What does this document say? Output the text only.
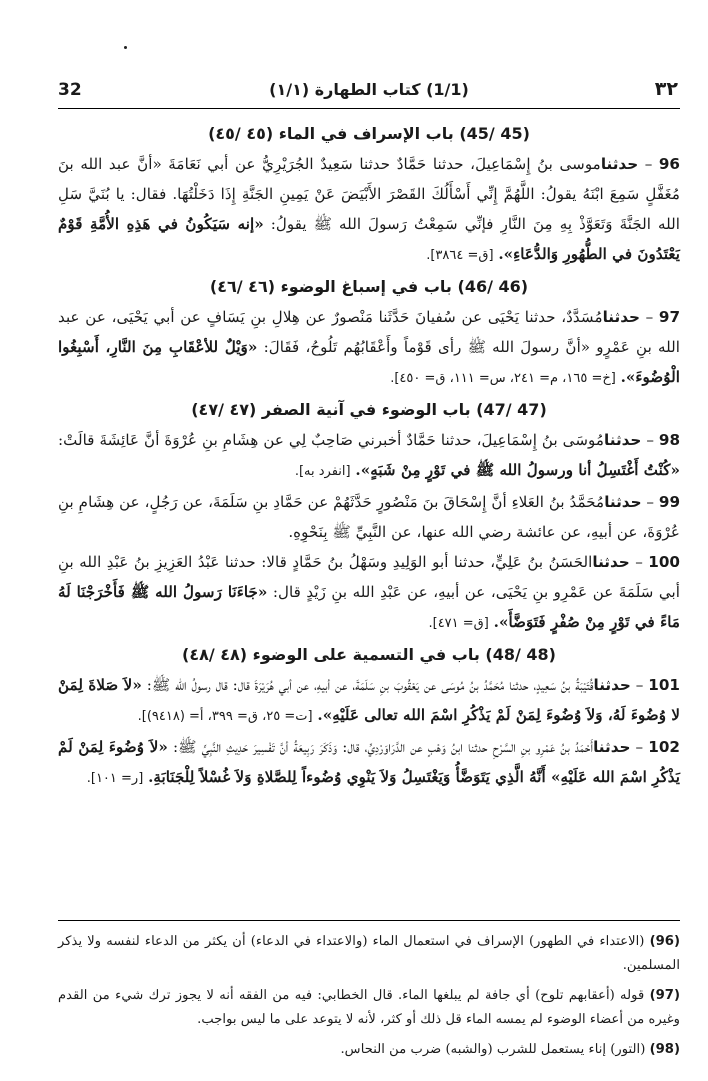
32	(1/1) كتاب الطهارة (١/١)	٣٢
(45 /45) باب الإسراف في الماء (٤٥ /٤٥)

96 – حدثناموسى بنُ إِسْمَاعِيلَ، حدثنا حَمَّادٌ حدثنا سَعِيدٌ الجُرَيْرِيُّ عن أبي نَعَامَةَ «أنَّ عبد الله بنَ مُغَفَّلٍ سَمِعَ ابْنَهُ يقولُ: اللَّهُمَّ إِنِّي أَسْأَلُكَ القَصْرَ الأَبْيَضَ عَنْ يَمِينِ الجَنَّةِ إِذَا دَخَلْتُهَا. فقال: يا بُنَيَّ سَلِ الله الجَنَّةَ وَتَعَوَّذْ بِهِ مِنَ النَّارِ فإنِّي سَمِعْتُ رَسولَ الله ﷺ يقولُ: «إنه سَيَكُونُ في هَذِهِ الأُمَّةِ قَوْمٌ يَعْتَدُونَ في الطُّهُورِ وَالدُّعَاءِ». [ق= ٣٨٦٤].

(46 /46) باب في إسباغ الوضوء (٤٦ /٤٦)

97 – حدثنامُسَدَّدٌ، حدثنا يَحْيَى عن سُفيانَ حَدَّثَنا مَنْصورٌ عن هِلالِ بنِ يَسَافٍ عن أبي يَحْيَى، عن عبد الله بنِ عَمْرٍو «أنَّ رسولَ الله ﷺ رأى قَوْماً وأَعْقَابُهُم تَلُوحُ، فَقَالَ: «وَيْلٌ للأعْقَابِ مِنَ النَّارِ، أَسْبِغُوا الْوُضُوءَ». [خ= ١٦٥، م= ٢٤١، س= ١١١، ق= ٤٥٠].

(47 /47) باب الوضوء في آنية الصفر (٤٧ /٤٧)

98 – حدثنامُوسَى بنُ إِسْمَاعِيلَ، حدثنا حَمَّادٌ أخبرني صَاحِبٌ لِي عن هِشَامِ بنِ عُرْوَةَ أنَّ عَائِشَةَ قالَتْ: «كُنْتُ أَغْتَسِلُ أنا ورسولُ الله ﷺ في تَوْرٍ مِنْ شَبَهٍ». [انفرد به].

99 – حدثنامُحَمَّدُ بنُ العَلاءِ أنَّ إِسْحَاقَ بنَ مَنْصُورٍ حَدَّثَهُمْ عن حَمَّادِ بنِ سَلَمَةَ، عن رَجُلٍ، عن هِشَامِ بنِ عُرْوَةَ، عن أبيهِ، عن عائشة رضي الله عنها، عن النَّبِيِّ ﷺ بِنَحْوِهِ.

100 – حدثناالحَسَنُ بنُ عَلِيٍّ، حدثنا أبو الوَلِيدِ وسَهْلُ بنُ حَمَّادٍ قالا: حدثنا عَبْدُ العَزِيزِ بنُ عَبْدِ الله بنِ أبي سَلَمَةَ عن عَمْرِو بنِ يَحْيَى، عن أبيهِ، عن عَبْدِ الله بنِ زَيْدٍ قال: «جَاءَنَا رَسولُ الله ﷺ فَأَخْرَجْنَا لَهُ مَاءً في تَوْرٍ مِنْ صُفْرٍ فَتَوَضَّأَ». [ق= ٤٧١].

(48 /48) باب في التسمية على الوضوء (٤٨ /٤٨)

101 – حدثناقُتَيْبَةُ بنُ سَعِيدٍ، حدثنا مُحَمَّدُ بنُ مُوسَى عن يَعْقُوبَ بنِ سَلَمَةَ، عن أبيهِ، عن أبي هُرَيْرَةَ قال: قال رسولُ الله ﷺ: «لاَ صَلاةَ لِمَنْ لا وُضُوءَ لَهُ، وَلاَ وُضُوءَ لِمَنْ لَمْ يَذْكُرِ اسْمَ الله تعالى عَلَيْهِ». [ت= ٢٥، ق= ٣٩٩، أ= (٩٤١٨)].

102 – حدثناأَحْمَدُ بنُ عَمْرِو بنِ السَّرْحِ حدثنا ابنُ وَهْبٍ عن الدَّرَاوَرْدِيِّ، قال: وَذَكَرَ رَبِيعَةُ أنَّ تَفْسِيرَ حَدِيثِ النَّبِيِّ ﷺ: «لاَ وُضُوءَ لِمَنْ لَمْ يَذْكُرِ اسْمَ الله عَلَيْهِ» أَنَّهُ الَّذِي يَتَوَضَّأُ وَيَغْتَسِلُ وَلاَ يَنْوِي وُضُوءاً لِلصَّلاةِ وَلاَ غُسْلاً لِلْجَنَابَةِ. [ر= ١٠١].

(96) (الاعتداء في الطهور) الإسراف في استعمال الماء (والاعتداء في الدعاء) أن يكثر من الدعاء لنفسه ولا يذكر المسلمين.

(97) قوله (أعقابهم تلوح) أي جافة لم يبلغها الماء. قال الخطابي: فيه من الفقه أنه لا يجوز ترك شيء من القدم وغيره من أعضاء الوضوء لم يمسه الماء قل ذلك أو كثر، لأنه لا يتوعد على ما ليس بواجب.

(98) (التور) إناء يستعمل للشرب (والشبه) ضرب من النحاس.
